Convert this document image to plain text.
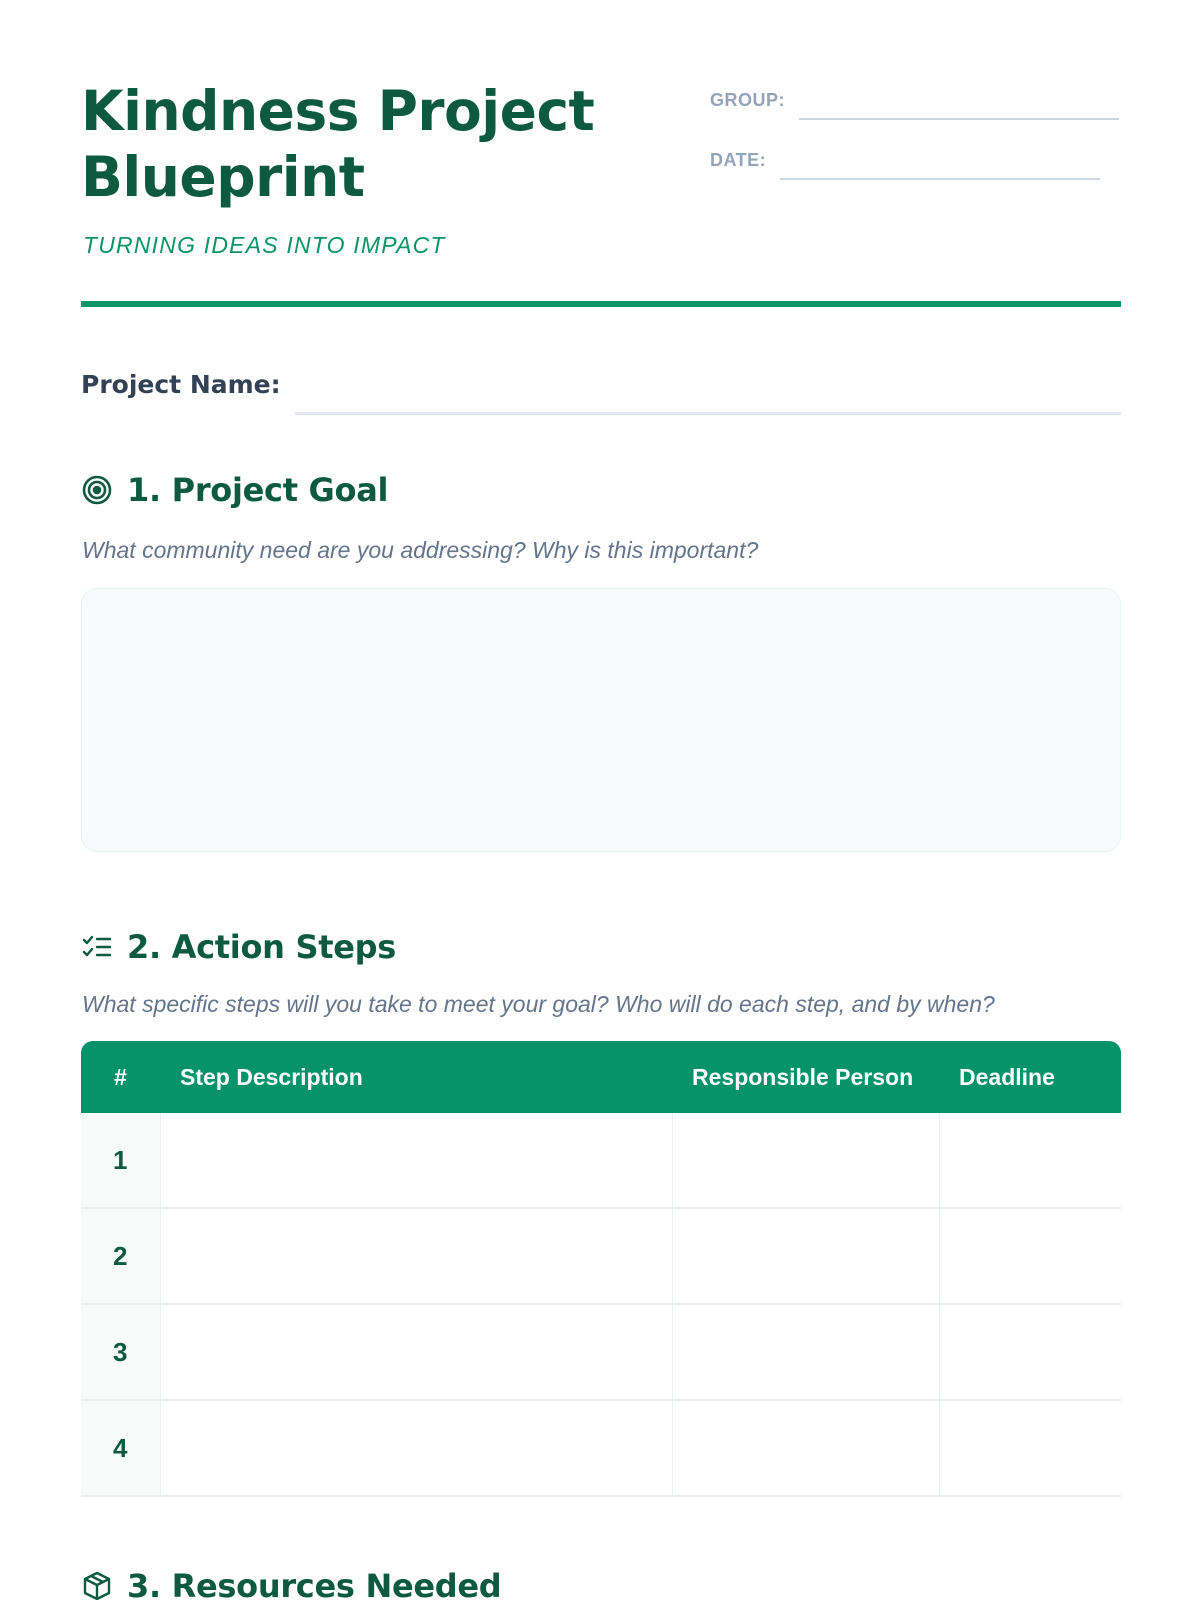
Kindness Project Blueprint
TURNING IDEAS INTO IMPACT
GROUP:
DATE:
Project Name:
1. Project Goal

What community need are you addressing? Why is this important?

2. Action Steps

What specific steps will you take to meet your goal? Who will do each step, and by when?

#	Step Description	Responsible Person	Deadline
1			
2			
3			
4			
3. Resources Needed
